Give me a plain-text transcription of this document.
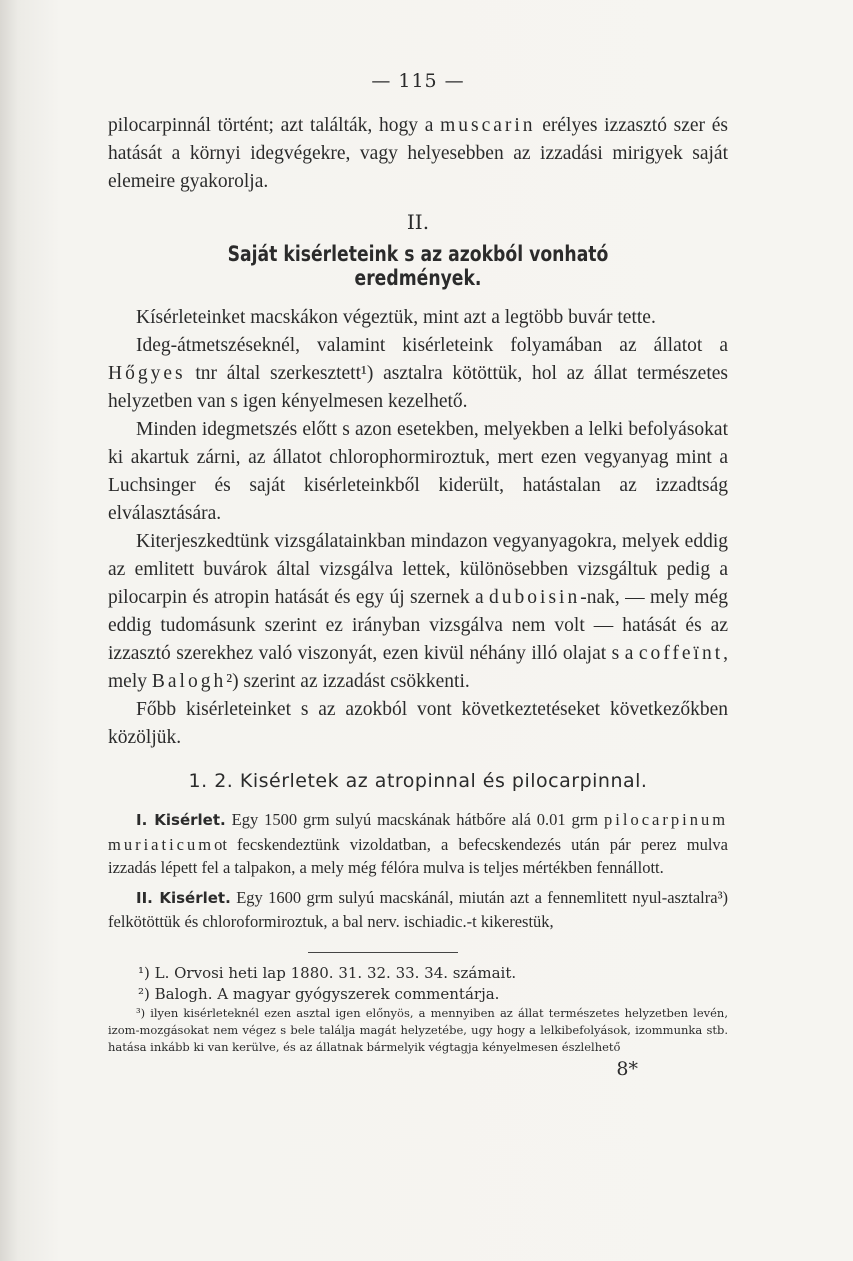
— 115 —

pilocarpinnál történt; azt találták, hogy a muscarin erélyes izzasztó szer és hatását a környi idegvégekre, vagy helyesebben az izzadási mirigyek saját elemeire gyakorolja.

II.
Saját kisérleteink s az azokból vonható eredmények.

Kísérleteinket macskákon végeztük, mint azt a legtöbb buvár tette.

Ideg-átmetszéseknél, valamint kisérleteink folyamában az állatot a Hőgyes tnr által szerkesztett¹) asztalra kötöttük, hol az állat természetes helyzetben van s igen kényelmesen kezelhető.

Minden idegmetszés előtt s azon esetekben, melyekben a lelki befolyásokat ki akartuk zárni, az állatot chlorophormiroztuk, mert ezen vegyanyag mint a Luchsinger és saját kisérleteinkből kiderült, hatástalan az izzadtság elválasztására.

Kiterjeszkedtünk vizsgálatainkban mindazon vegyanyagokra, melyek eddig az emlitett buvárok által vizsgálva lettek, különösebben vizsgáltuk pedig a pilocarpin és atropin hatását és egy új szernek a duboisin-nak, — mely még eddig tudomásunk szerint ez irányban vizsgálva nem volt — hatását és az izzasztó szerekhez való viszonyát, ezen kivül néhány illó olajat s a coffeïnt, mely Balogh²) szerint az izzadást csökkenti.

Főbb kisérleteinket s az azokból vont következtetéseket következőkben közöljük.

1. 2. Kisérletek az atropinnal és pilocarpinnal.

I. Kisérlet. Egy 1500 grm sulyú macskának hátbőre alá 0.01 grm pilocarpinum muriaticumot fecskendeztünk vizoldatban, a befecskendezés után pár perez mulva izzadás lépett fel a talpakon, a mely még félóra mulva is teljes mértékben fennállott.

II. Kisérlet. Egy 1600 grm sulyú macskánál, miután azt a fennemlitett nyul-asztalra³) felkötöttük és chloroformiroztuk, a bal nerv. ischiadic.-t kikerestük,

¹) L. Orvosi heti lap 1880. 31. 32. 33. 34. számait.

²) Balogh. A magyar gyógyszerek commentárja.

³) ilyen kisérleteknél ezen asztal igen előnyös, a mennyiben az állat természetes helyzetben levén, izom-mozgásokat nem végez s bele találja magát helyzetébe, ugy hogy a lelkibefolyások, izommunka stb. hatása inkább ki van kerülve, és az állatnak bármelyik végtagja kényelmesen észlelhető

8*
